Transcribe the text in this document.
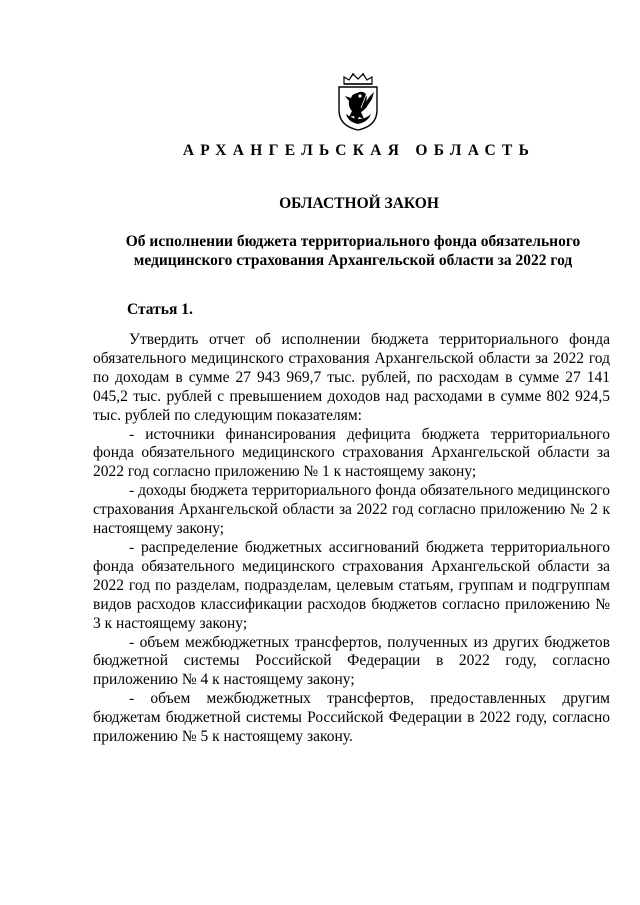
АРХАНГЕЛЬСКАЯ ОБЛАСТЬ
ОБЛАСТНОЙ ЗАКОН
Об исполнении бюджета территориального фонда обязательного медицинского страхования Архангельской области за 2022 год
Статья 1.

Утвердить отчет об исполнении бюджета территориального фонда обязательного медицинского страхования Архангельской области за 2022 год по доходам в сумме 27 943 969,7 тыс. рублей, по расходам в сумме 27 141 045,2 тыс. рублей с превышением доходов над расходами в сумме 802 924,5 тыс. рублей по следующим показателям:

- источники финансирования дефицита бюджета территориального фонда обязательного медицинского страхования Архангельской области за 2022 год согласно приложению № 1 к настоящему закону;

- доходы бюджета территориального фонда обязательного медицинского страхования Архангельской области за 2022 год согласно приложению № 2 к настоящему закону;

- распределение бюджетных ассигнований бюджета территориального фонда обязательного медицинского страхования Архангельской области за 2022 год по разделам, подразделам, целевым статьям, группам и подгруппам видов расходов классификации расходов бюджетов согласно приложению № 3 к настоящему закону;

- объем межбюджетных трансфертов, полученных из других бюджетов бюджетной системы Российской Федерации в 2022 году, согласно приложению № 4 к настоящему закону;

- объем межбюджетных трансфертов, предоставленных другим бюджетам бюджетной системы Российской Федерации в 2022 году, согласно приложению № 5 к настоящему закону.
